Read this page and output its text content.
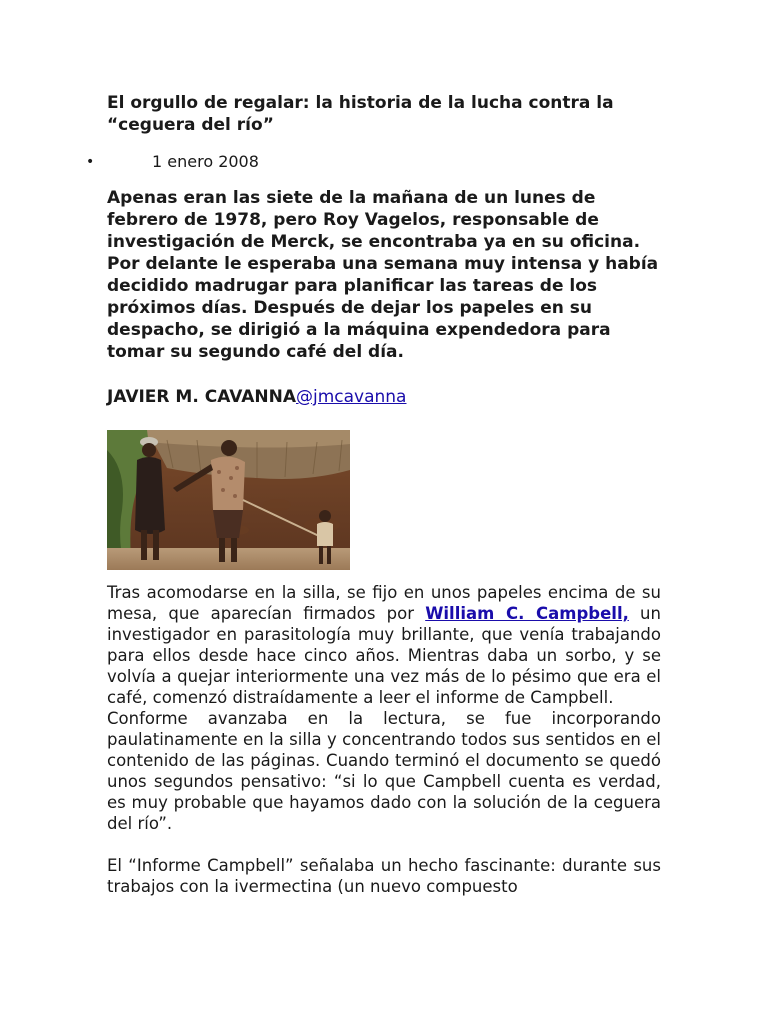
El orgullo de regalar: la historia de la lucha contra la “ceguera del río”
•	1 enero 2008

Apenas eran las siete de la mañana de un lunes de febrero de 1978, pero Roy Vagelos, responsable de investigación de Merck, se encontraba ya en su oficina. Por delante le esperaba una semana muy intensa y había decidido madrugar para planificar las tareas de los próximos días. Después de dejar los papeles en su despacho, se dirigió a la máquina expendedora para tomar su segundo café del día.

JAVIER M. CAVANNA@jmcavanna

Tras acomodarse en la silla, se fijo en unos papeles encima de su mesa, que aparecían firmados por William C. Campbell, un investigador en parasitología muy brillante, que venía trabajando para ellos desde hace cinco años. Mientras daba un sorbo, y se volvía a quejar interiormente una vez más de lo pésimo que era el café, comenzó distraídamente a leer el informe de Campbell.

Conforme avanzaba en la lectura, se fue incorporando paulatinamente en la silla y concentrando todos sus sentidos en el contenido de las páginas. Cuando terminó el documento se quedó unos segundos pensativo: “si lo que Campbell cuenta es verdad, es muy probable que hayamos dado con la solución de la ceguera del río”.

El “Informe Campbell” señalaba un hecho fascinante: durante sus trabajos con la ivermectina (un nuevo compuesto
